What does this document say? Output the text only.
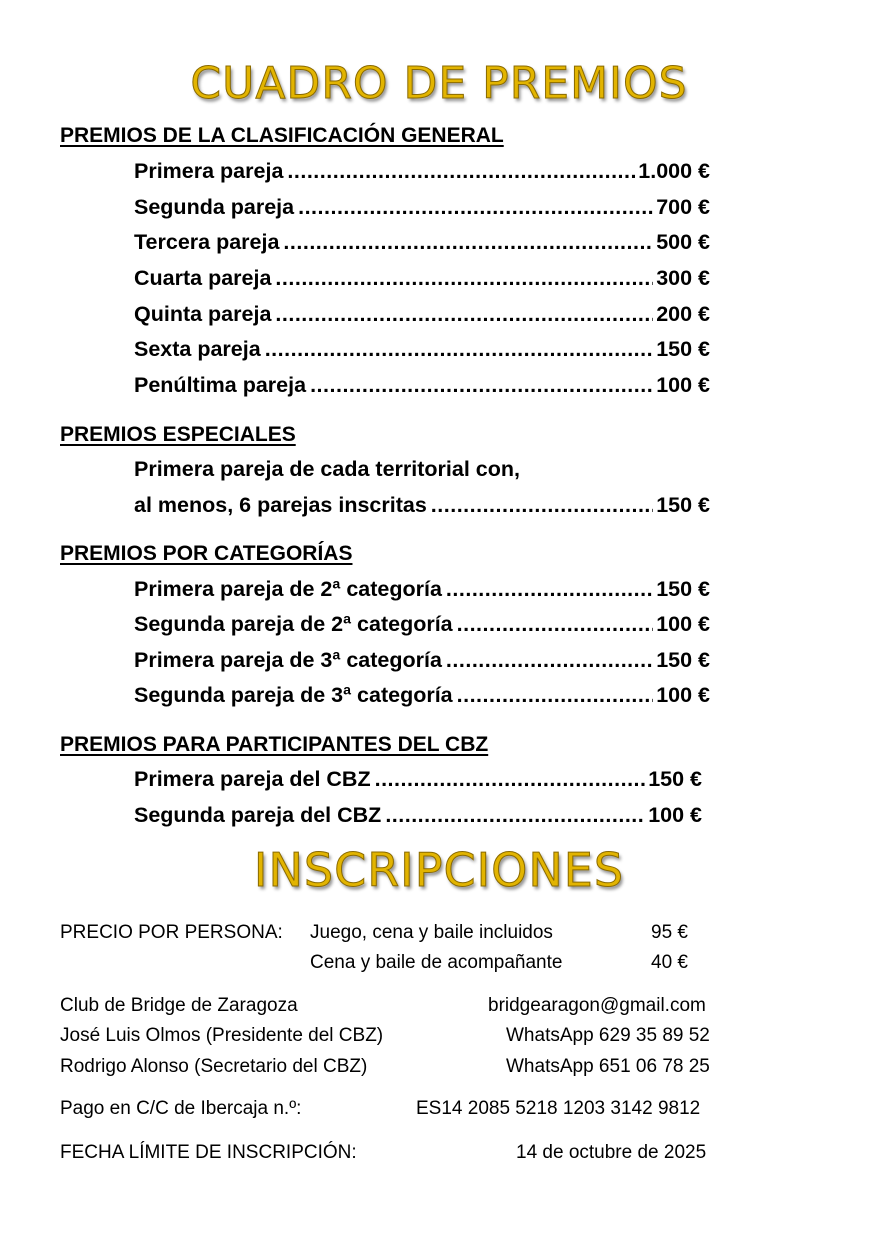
CUADRO DE PREMIOS
PREMIOS DE LA CLASIFICACIÓN GENERAL
Primera pareja .....	1.000 €
Segunda pareja .....	700 €
Tercera pareja .....	500 €
Cuarta pareja .....	300 €
Quinta pareja .....	200 €
Sexta pareja .....	150 €
Penúltima pareja .....	100 €
PREMIOS ESPECIALES
Primera pareja de cada territorial con,
al menos, 6 parejas inscritas .....	150 €
PREMIOS POR CATEGORÍAS
Primera pareja de 2ª categoría .....	150 €
Segunda pareja de 2ª categoría .....	100 €
Primera pareja de 3ª categoría .....	150 €
Segunda pareja de 3ª categoría .....	100 €
PREMIOS PARA PARTICIPANTES DEL CBZ
Primera pareja del CBZ .....	150 €
Segunda pareja del CBZ .....	100 €
INSCRIPCIONES
PRECIO POR PERSONA: Juego, cena y baile incluidos	95 €
Cena y baile de acompañante	40 €
Club de Bridge de Zaragoza	bridgearagon@gmail.com
José Luis Olmos (Presidente del CBZ)	WhatsApp 629 35 89 52
Rodrigo Alonso (Secretario del CBZ)	WhatsApp 651 06 78 25
Pago en C/C de Ibercaja n.º:	ES14 2085 5218 1203 3142 9812
FECHA LÍMITE DE INSCRIPCIÓN:	14 de octubre de 2025
